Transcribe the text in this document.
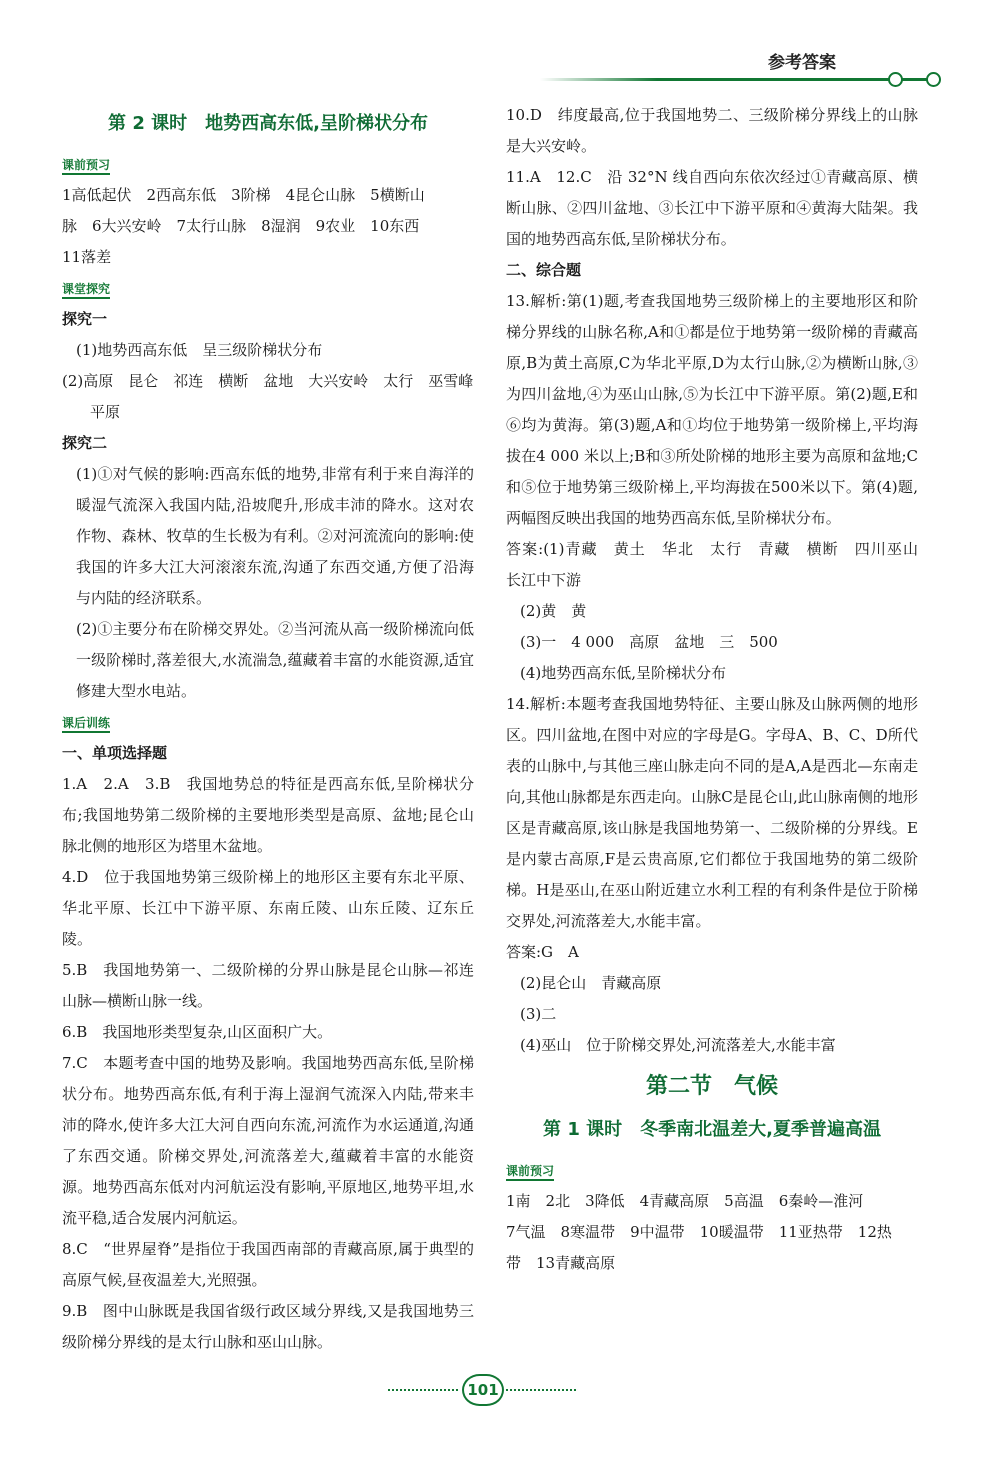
参考答案
第 2 课时　地势西高东低,呈阶梯状分布
课前预习
1高低起伏　2西高东低　3阶梯　4昆仑山脉　5横断山
脉　6大兴安岭　7太行山脉　8湿润　9农业　10东西
11落差
课堂探究
探究一
(1)地势西高东低　呈三级阶梯状分布
(2)高原　昆仑　祁连　横断　盆地　大兴安岭　太行　巫雪峰　平原
探究二
(1)①对气候的影响:西高东低的地势,非常有利于来自海洋的暖湿气流深入我国内陆,沿坡爬升,形成丰沛的降水。这对农作物、森林、牧草的生长极为有利。②对河流流向的影响:使我国的许多大江大河滚滚东流,沟通了东西交通,方便了沿海与内陆的经济联系。
(2)①主要分布在阶梯交界处。②当河流从高一级阶梯流向低一级阶梯时,落差很大,水流湍急,蕴藏着丰富的水能资源,适宜修建大型水电站。
课后训练
一、单项选择题
1.A　2.A　3.B　我国地势总的特征是西高东低,呈阶梯状分布;我国地势第二级阶梯的主要地形类型是高原、盆地;昆仑山脉北侧的地形区为塔里木盆地。
4.D　位于我国地势第三级阶梯上的地形区主要有东北平原、华北平原、长江中下游平原、东南丘陵、山东丘陵、辽东丘陵。
5.B　我国地势第一、二级阶梯的分界山脉是昆仑山脉—祁连山脉—横断山脉一线。
6.B　我国地形类型复杂,山区面积广大。
7.C　本题考查中国的地势及影响。我国地势西高东低,呈阶梯状分布。地势西高东低,有利于海上湿润气流深入内陆,带来丰沛的降水,使许多大江大河自西向东流,河流作为水运通道,沟通了东西交通。阶梯交界处,河流落差大,蕴藏着丰富的水能资源。地势西高东低对内河航运没有影响,平原地区,地势平坦,水流平稳,适合发展内河航运。
8.C　“世界屋脊”是指位于我国西南部的青藏高原,属于典型的高原气候,昼夜温差大,光照强。
9.B　图中山脉既是我国省级行政区域分界线,又是我国地势三级阶梯分界线的是太行山脉和巫山山脉。
10.D　纬度最高,位于我国地势二、三级阶梯分界线上的山脉是大兴安岭。
11.A　12.C　沿 32°N 线自西向东依次经过①青藏高原、横断山脉、②四川盆地、③长江中下游平原和④黄海大陆架。我国的地势西高东低,呈阶梯状分布。
二、综合题
13.解析:第(1)题,考查我国地势三级阶梯上的主要地形区和阶梯分界线的山脉名称,A和①都是位于地势第一级阶梯的青藏高原,B为黄土高原,C为华北平原,D为太行山脉,②为横断山脉,③为四川盆地,④为巫山山脉,⑤为长江中下游平原。第(2)题,E和⑥均为黄海。第(3)题,A和①均位于地势第一级阶梯上,平均海拔在4 000 米以上;B和③所处阶梯的地形主要为高原和盆地;C和⑤位于地势第三级阶梯上,平均海拔在500米以下。第(4)题,两幅图反映出我国的地势西高东低,呈阶梯状分布。
答案:(1)青藏　黄土　华北　太行　青藏　横断　四川巫山　长江中下游
(2)黄　黄
(3)一　4 000　高原　盆地　三　500
(4)地势西高东低,呈阶梯状分布
14.解析:本题考查我国地势特征、主要山脉及山脉两侧的地形区。四川盆地,在图中对应的字母是G。字母A、B、C、D所代表的山脉中,与其他三座山脉走向不同的是A,A是西北—东南走向,其他山脉都是东西走向。山脉C是昆仑山,此山脉南侧的地形区是青藏高原,该山脉是我国地势第一、二级阶梯的分界线。E是内蒙古高原,F是云贵高原,它们都位于我国地势的第二级阶梯。H是巫山,在巫山附近建立水利工程的有利条件是位于阶梯交界处,河流落差大,水能丰富。
答案:G　A
(2)昆仑山　青藏高原
(3)二
(4)巫山　位于阶梯交界处,河流落差大,水能丰富
第二节　气候
第 1 课时　冬季南北温差大,夏季普遍高温
课前预习
1南　2北　3降低　4青藏高原　5高温　6秦岭—淮河
7气温　8寒温带　9中温带　10暖温带　11亚热带　12热
带　13青藏高原
101
